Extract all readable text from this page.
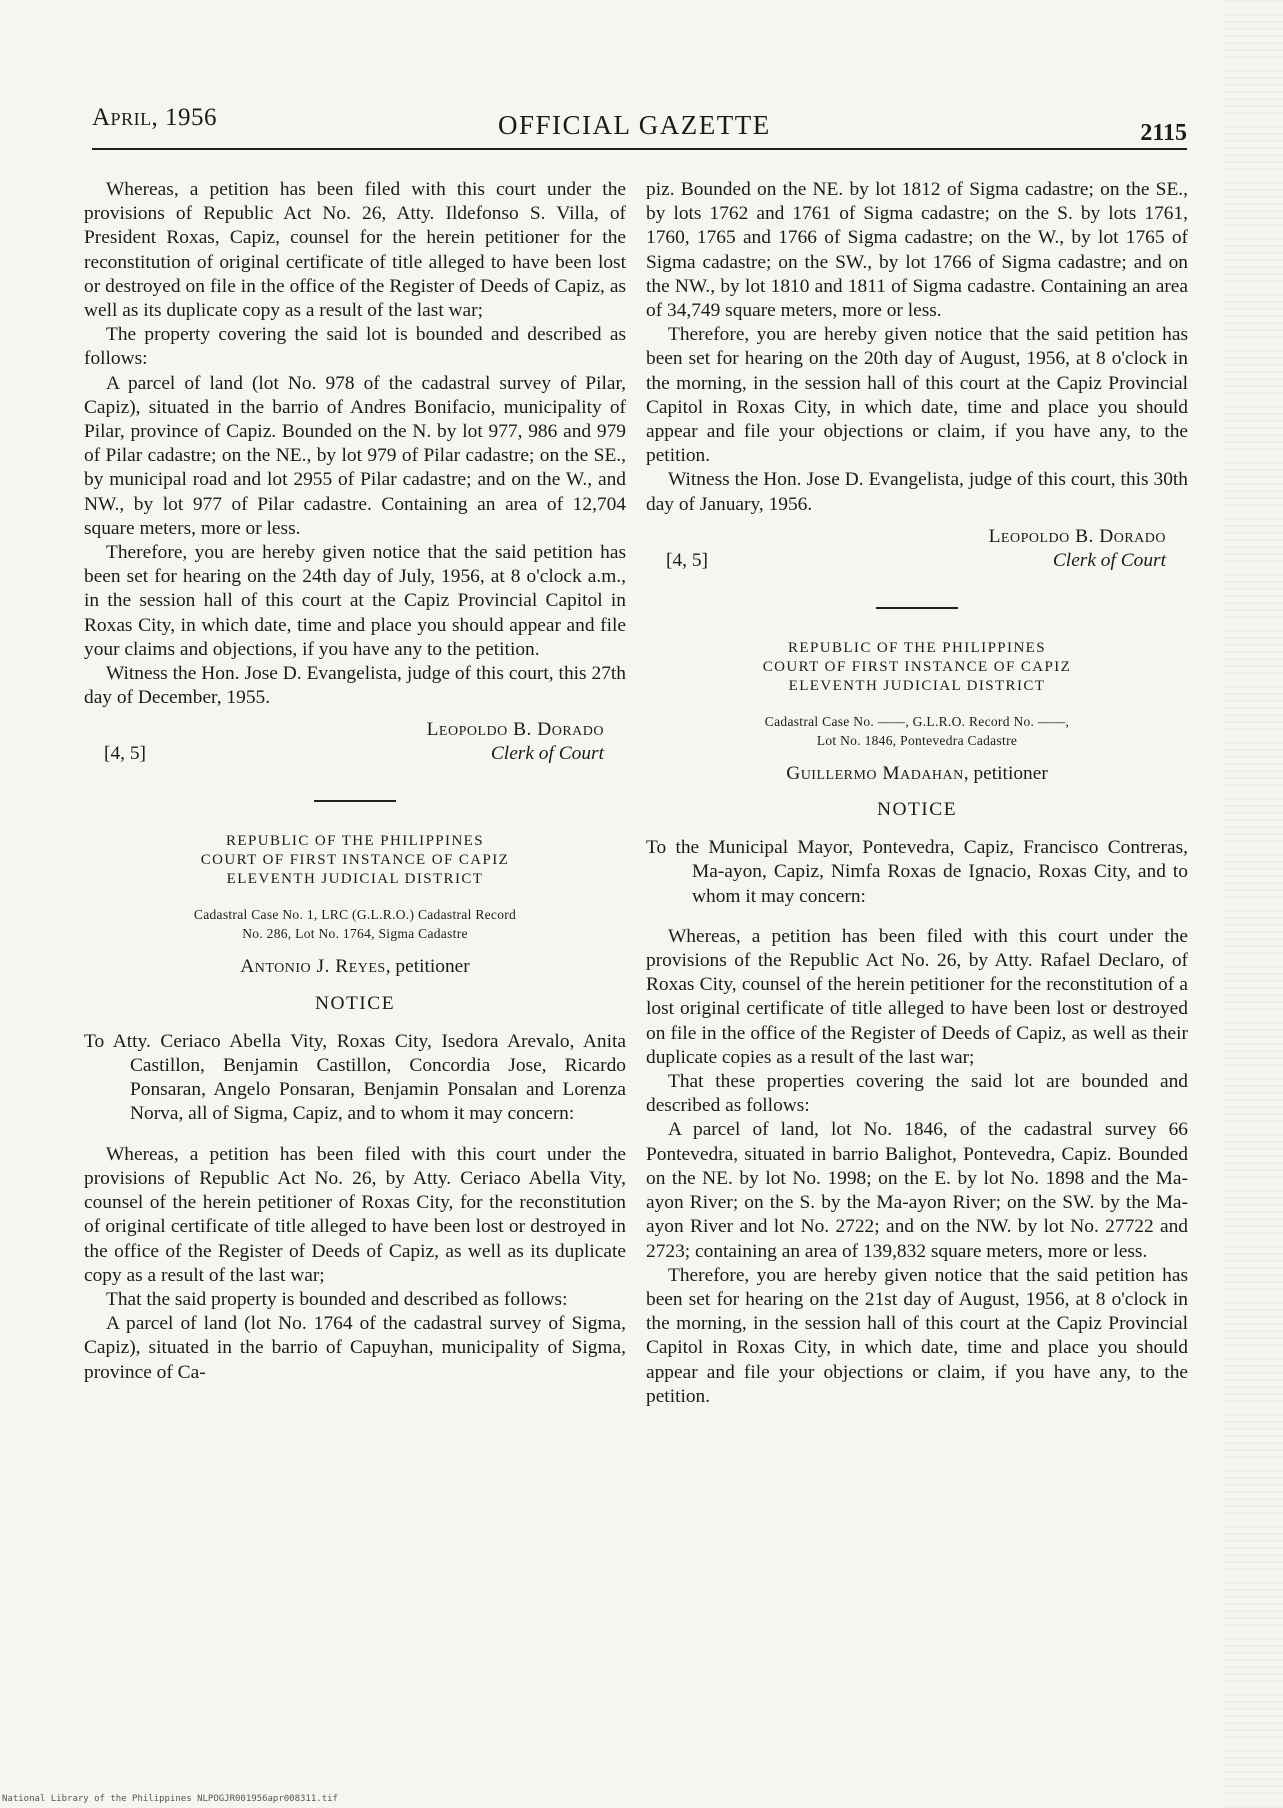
April, 1956	OFFICIAL GAZETTE	2115

Whereas, a petition has been filed with this court under the provisions of Republic Act No. 26, Atty. Ildefonso S. Villa, of President Roxas, Capiz, counsel for the herein petitioner for the reconstitution of original certificate of title alleged to have been lost or destroyed on file in the office of the Register of Deeds of Capiz, as well as its duplicate copy as a result of the last war;

The property covering the said lot is bounded and described as follows:

A parcel of land (lot No. 978 of the cadastral survey of Pilar, Capiz), situated in the barrio of Andres Bonifacio, municipality of Pilar, province of Capiz. Bounded on the N. by lot 977, 986 and 979 of Pilar cadastre; on the NE., by lot 979 of Pilar cadastre; on the SE., by municipal road and lot 2955 of Pilar cadastre; and on the W., and NW., by lot 977 of Pilar cadastre. Containing an area of 12,704 square meters, more or less.

Therefore, you are hereby given notice that the said petition has been set for hearing on the 24th day of July, 1956, at 8 o'clock a.m., in the session hall of this court at the Capiz Provincial Capitol in Roxas City, in which date, time and place you should appear and file your claims and objections, if you have any to the petition.

Witness the Hon. Jose D. Evangelista, judge of this court, this 27th day of December, 1955.

[4, 5]
Leopoldo B. Dorado
Clerk of Court
REPUBLIC OF THE PHILIPPINES
COURT OF FIRST INSTANCE OF CAPIZ
ELEVENTH JUDICIAL DISTRICT
Cadastral Case No. 1, LRC (G.L.R.O.) Cadastral Record
No. 286, Lot No. 1764, Sigma Cadastre
Antonio J. Reyes, petitioner
NOTICE

To Atty. Ceriaco Abella Vity, Roxas City, Isedora Arevalo, Anita Castillon, Benjamin Castillon, Concordia Jose, Ricardo Ponsaran, Angelo Ponsaran, Benjamin Ponsalan and Lorenza Norva, all of Sigma, Capiz, and to whom it may concern:

Whereas, a petition has been filed with this court under the provisions of Republic Act No. 26, by Atty. Ceriaco Abella Vity, counsel of the herein petitioner of Roxas City, for the reconstitution of original certificate of title alleged to have been lost or destroyed in the office of the Register of Deeds of Capiz, as well as its duplicate copy as a result of the last war;

That the said property is bounded and described as follows:

A parcel of land (lot No. 1764 of the cadastral survey of Sigma, Capiz), situated in the barrio of Capuyhan, municipality of Sigma, province of Ca-

piz. Bounded on the NE. by lot 1812 of Sigma cadastre; on the SE., by lots 1762 and 1761 of Sigma cadastre; on the S. by lots 1761, 1760, 1765 and 1766 of Sigma cadastre; on the W., by lot 1765 of Sigma cadastre; on the SW., by lot 1766 of Sigma cadastre; and on the NW., by lot 1810 and 1811 of Sigma cadastre. Containing an area of 34,749 square meters, more or less.

Therefore, you are hereby given notice that the said petition has been set for hearing on the 20th day of August, 1956, at 8 o'clock in the morning, in the session hall of this court at the Capiz Provincial Capitol in Roxas City, in which date, time and place you should appear and file your objections or claim, if you have any, to the petition.

Witness the Hon. Jose D. Evangelista, judge of this court, this 30th day of January, 1956.

[4, 5]
Leopoldo B. Dorado
Clerk of Court
REPUBLIC OF THE PHILIPPINES
COURT OF FIRST INSTANCE OF CAPIZ
ELEVENTH JUDICIAL DISTRICT
Cadastral Case No. ——, G.L.R.O. Record No. ——,
Lot No. 1846, Pontevedra Cadastre
Guillermo Madahan, petitioner
NOTICE

To the Municipal Mayor, Pontevedra, Capiz, Francisco Contreras, Ma-ayon, Capiz, Nimfa Roxas de Ignacio, Roxas City, and to whom it may concern:

Whereas, a petition has been filed with this court under the provisions of the Republic Act No. 26, by Atty. Rafael Declaro, of Roxas City, counsel of the herein petitioner for the reconstitution of a lost original certificate of title alleged to have been lost or destroyed on file in the office of the Register of Deeds of Capiz, as well as their duplicate copies as a result of the last war;

That these properties covering the said lot are bounded and described as follows:

A parcel of land, lot No. 1846, of the cadastral survey 66 Pontevedra, situated in barrio Balighot, Pontevedra, Capiz. Bounded on the NE. by lot No. 1998; on the E. by lot No. 1898 and the Ma-ayon River; on the S. by the Ma-ayon River; on the SW. by the Ma-ayon River and lot No. 2722; and on the NW. by lot No. 27722 and 2723; containing an area of 139,832 square meters, more or less.

Therefore, you are hereby given notice that the said petition has been set for hearing on the 21st day of August, 1956, at 8 o'clock in the morning, in the session hall of this court at the Capiz Provincial Capitol in Roxas City, in which date, time and place you should appear and file your objections or claim, if you have any, to the petition.

National Library of the Philippines NLPOGJR001956apr008311.tif
